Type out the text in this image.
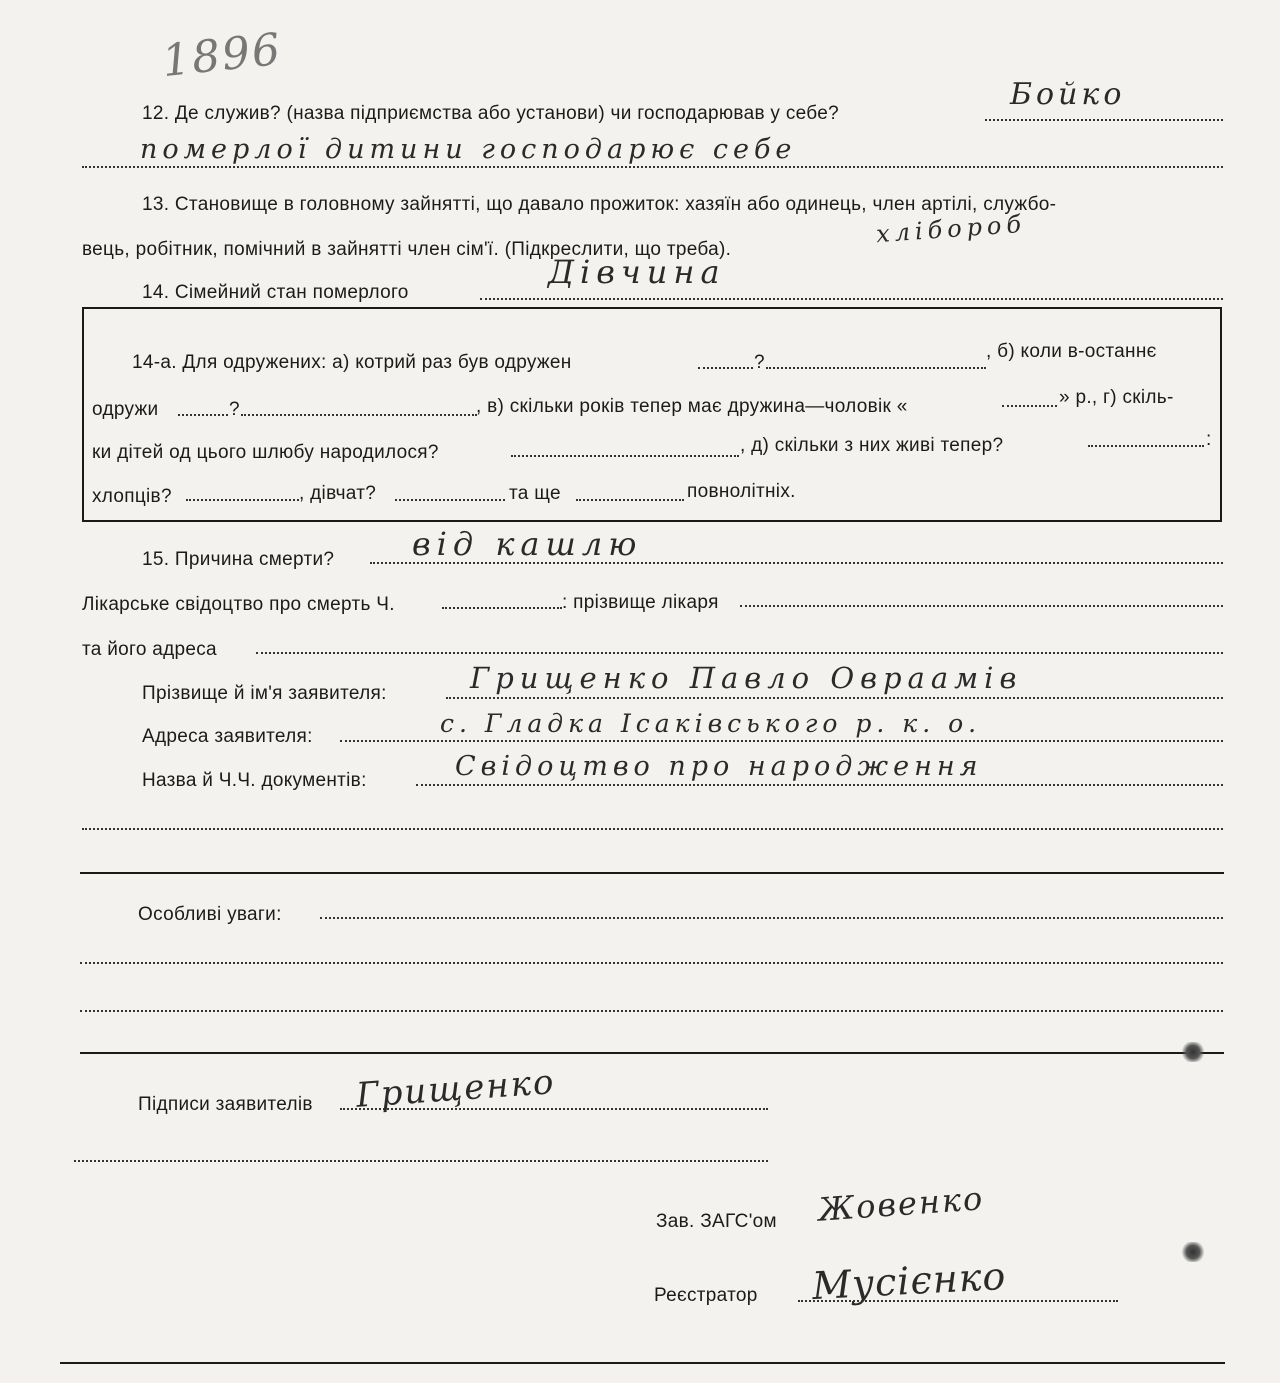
1896
12. Де служив? (назва підприємства або установи) чи господарював у себе?
Бойко
померлої дитини господарює себе
13. Становище в головному зайнятті, що давало прожиток: хазяїн або одинець, член артілі, службо-
вець, робітник, помічний в зайнятті член сім'ї. (Підкреслити, що треба).
хлібороб
14. Сімейний стан померлого
Дівчина
14-а. Для одружених: а) котрий раз був одружен	?
, б) коли в-останнє
одружи	?	, в) скільки років тепер має дружина—чоловік «	» р., г) скіль-
ки дітей од цього шлюбу народилося?	, д) скільки з них живі тепер?	:
хлопців?	, дівчат?	та ще	повнолітніх.
15. Причина смерти? від кашлю
Лікарське свідоцтво про смерть Ч.	: прізвище лікаря
та його адреса
Прізвище й ім'я заявителя:	Грищенко Павло Овраамів
Адреса заявителя:	с. Гладка Ісаківського р. к. о.
Назва й Ч.Ч. документів:	Свідоцтво про народження
Особливі уваги:
Підписи заявителів Грищенко
Зав. ЗАГС'ом Жовенко
Реєстратор Мусієнко
